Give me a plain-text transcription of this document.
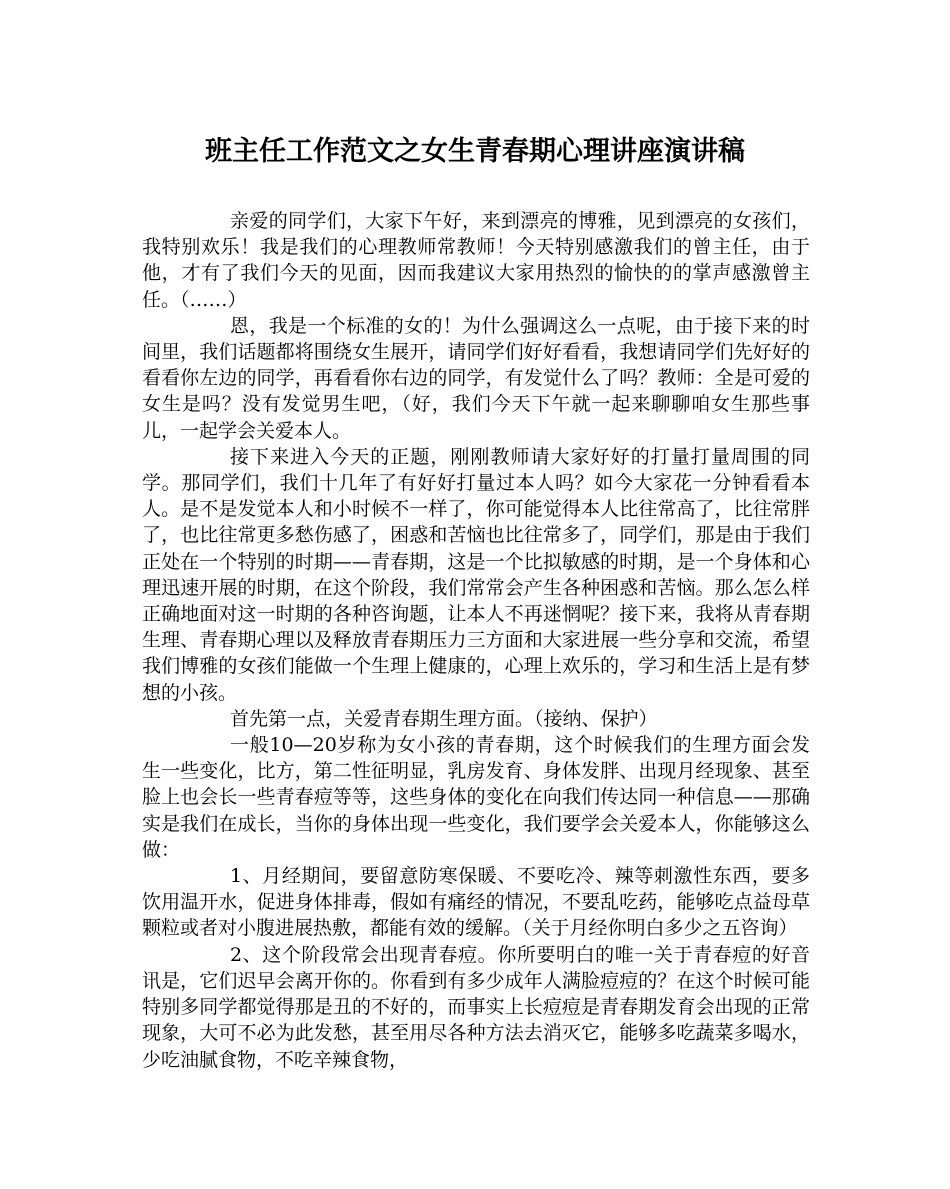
班主任工作范文之女生青春期心理讲座演讲稿

亲爱的同学们，大家下午好，来到漂亮的博雅，见到漂亮的女孩们，我特别欢乐！我是我们的心理教师常教师！今天特别感激我们的曾主任，由于他，才有了我们今天的见面，因而我建议大家用热烈的愉快的的掌声感激曾主任。（……）

恩，我是一个标准的女的！为什么强调这么一点呢，由于接下来的时间里，我们话题都将围绕女生展开，请同学们好好看看，我想请同学们先好好的看看你左边的同学，再看看你右边的同学，有发觉什么了吗？教师：全是可爱的女生是吗？没有发觉男生吧，（好，我们今天下午就一起来聊聊咱女生那些事儿，一起学会关爱本人。

接下来进入今天的正题，刚刚教师请大家好好的打量打量周围的同学。那同学们，我们十几年了有好好打量过本人吗？如今大家花一分钟看看本人。是不是发觉本人和小时候不一样了，你可能觉得本人比往常高了，比往常胖了，也比往常更多愁伤感了，困惑和苦恼也比往常多了，同学们，那是由于我们正处在一个特别的时期——青春期，这是一个比拟敏感的时期，是一个身体和心理迅速开展的时期，在这个阶段，我们常常会产生各种困惑和苦恼。那么怎么样正确地面对这一时期的各种咨询题，让本人不再迷惘呢？接下来，我将从青春期生理、青春期心理以及释放青春期压力三方面和大家进展一些分享和交流，希望我们博雅的女孩们能做一个生理上健康的，心理上欢乐的，学习和生活上是有梦想的小孩。

首先第一点，关爱青春期生理方面。（接纳、保护）

一般10—20岁称为女小孩的青春期，这个时候我们的生理方面会发生一些变化，比方，第二性征明显，乳房发育、身体发胖、出现月经现象、甚至脸上也会长一些青春痘等等，这些身体的变化在向我们传达同一种信息——那确实是我们在成长，当你的身体出现一些变化，我们要学会关爱本人，你能够这么做：

1、月经期间，要留意防寒保暖、不要吃冷、辣等刺激性东西，要多饮用温开水，促进身体排毒，假如有痛经的情况，不要乱吃药，能够吃点益母草颗粒或者对小腹进展热敷，都能有效的缓解。（关于月经你明白多少之五咨询）

2、这个阶段常会出现青春痘。你所要明白的唯一关于青春痘的好音讯是，它们迟早会离开你的。你看到有多少成年人满脸痘痘的？在这个时候可能特别多同学都觉得那是丑的不好的，而事实上长痘痘是青春期发育会出现的正常现象，大可不必为此发愁，甚至用尽各种方法去消灭它，能够多吃蔬菜多喝水，少吃油腻食物，不吃辛辣食物，
